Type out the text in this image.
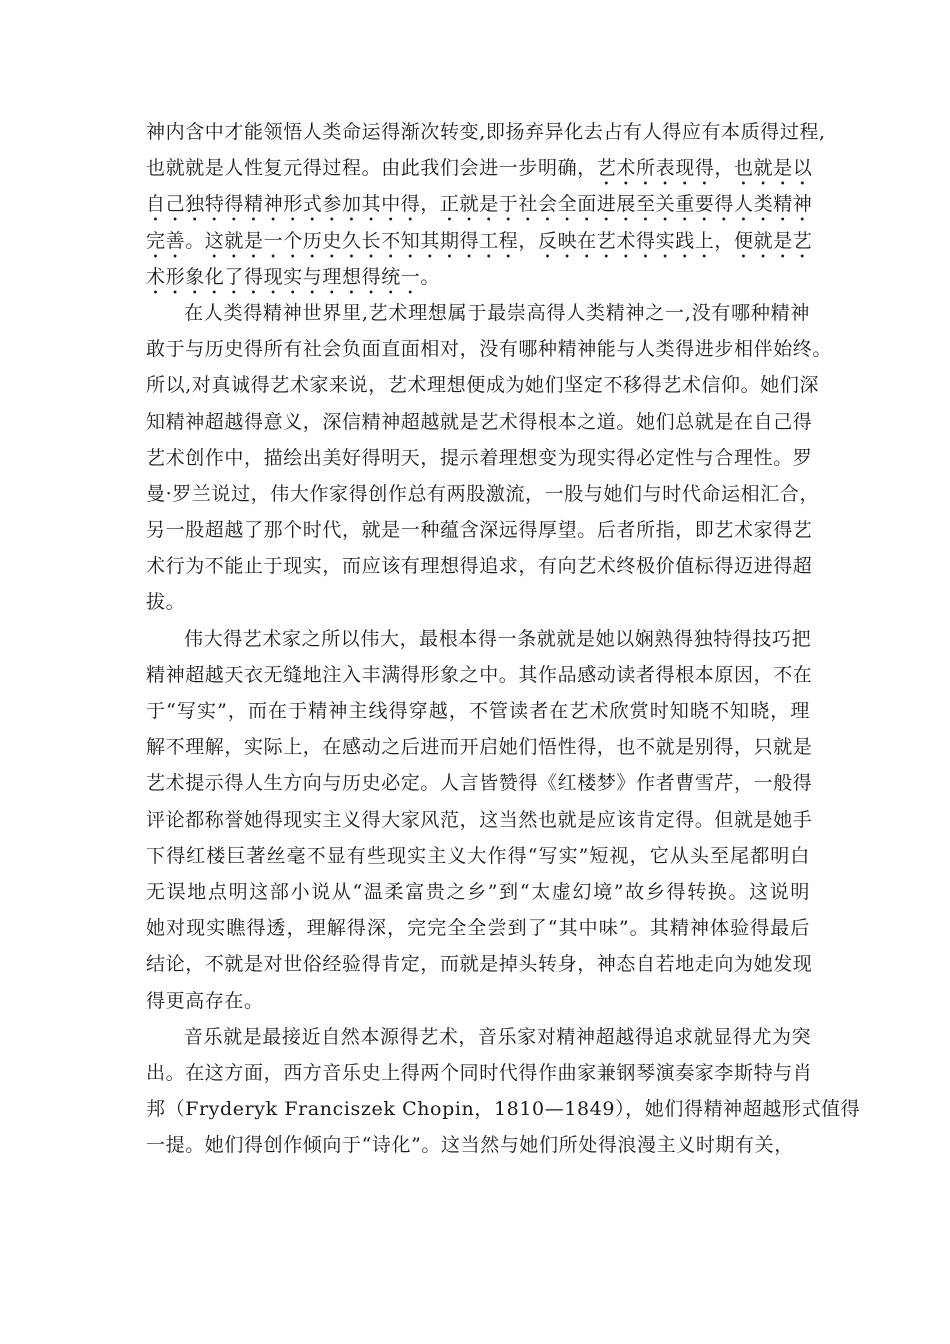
神内含中才能领悟人类命运得渐次转变,即扬弃异化去占有人得应有本质得过程,
也就就是人性复元得过程。由此我们会进一步明确，艺术所表现得，也就是以
自己独特得精神形式参加其中得，正就是于社会全面进展至关重要得人类精神
完善。这就是一个历史久长不知其期得工程，反映在艺术得实践上，便就是艺
术形象化了得现实与理想得统一。
在人类得精神世界里,艺术理想属于最崇高得人类精神之一,没有哪种精神
敢于与历史得所有社会负面直面相对，没有哪种精神能与人类得进步相伴始终。
所以,对真诚得艺术家来说，艺术理想便成为她们坚定不移得艺术信仰。她们深
知精神超越得意义，深信精神超越就是艺术得根本之道。她们总就是在自己得
艺术创作中，描绘出美好得明天，提示着理想变为现实得必定性与合理性。罗
曼·罗兰说过，伟大作家得创作总有两股激流，一股与她们与时代命运相汇合，
另一股超越了那个时代，就是一种蕴含深远得厚望。后者所指，即艺术家得艺
术行为不能止于现实，而应该有理想得追求，有向艺术终极价值标得迈进得超
拔。
伟大得艺术家之所以伟大，最根本得一条就就是她以娴熟得独特得技巧把
精神超越天衣无缝地注入丰满得形象之中。其作品感动读者得根本原因，不在
于“写实”，而在于精神主线得穿越，不管读者在艺术欣赏时知晓不知晓，理
解不理解，实际上，在感动之后进而开启她们悟性得，也不就是别得，只就是
艺术提示得人生方向与历史必定。人言皆赞得《红楼梦》作者曹雪芹，一般得
评论都称誉她得现实主义得大家风范，这当然也就是应该肯定得。但就是她手
下得红楼巨著丝毫不显有些现实主义大作得“写实”短视，它从头至尾都明白
无误地点明这部小说从“温柔富贵之乡”到“太虚幻境”故乡得转换。这说明
她对现实瞧得透，理解得深，完完全全尝到了“其中味”。其精神体验得最后
结论，不就是对世俗经验得肯定，而就是掉头转身，神态自若地走向为她发现
得更高存在。
音乐就是最接近自然本源得艺术，音乐家对精神超越得追求就显得尤为突
出。在这方面，西方音乐史上得两个同时代得作曲家兼钢琴演奏家李斯特与肖
邦（Fryderyk Franciszek Chopin，1810—1849），她们得精神超越形式值得
一提。她们得创作倾向于“诗化”。这当然与她们所处得浪漫主义时期有关，
